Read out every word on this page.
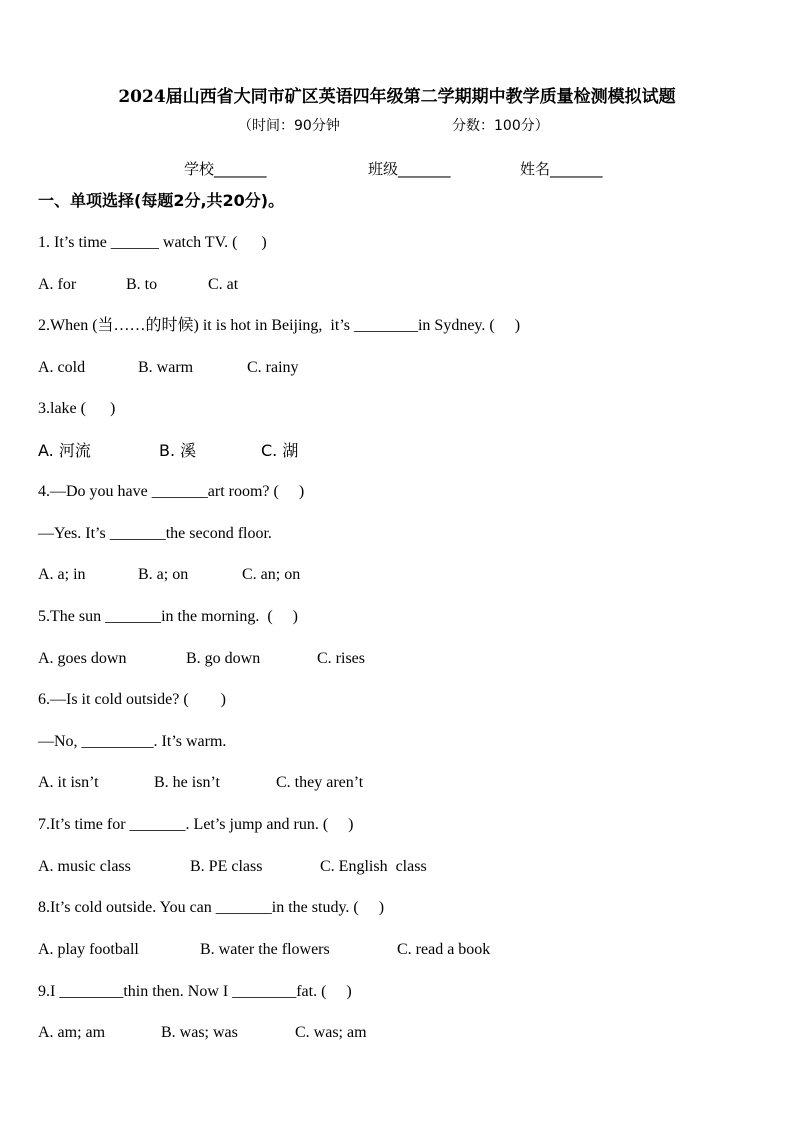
2024届山西省大同市矿区英语四年级第二学期期中教学质量检测模拟试题
（时间：90分钟	分数：100分）
学校_______	班级_______	姓名_______
一、单项选择(每题2分,共20分)。
1. It’s time ______ watch TV. (      )
A. for	B. to	C. at
2.When (当……的时候) it is hot in Beijing,  it’s ________in Sydney. (     )
A. cold	B. warm	C. rainy
3.lake (      )
A. 河流	B. 溪	C. 湖
4.—Do you have _______art room? (     )
—Yes. It’s _______the second floor.
A. a; in	B. a; on	C. an; on
5.The sun _______in the morning.  (     )
A. goes down	B. go down	C. rises
6.—Is it cold outside? (        )
—No, _________. It’s warm.
A. it isn’t	B. he isn’t	C. they aren’t
7.It’s time for _______. Let’s jump and run. (     )
A. music class	B. PE class	C. English  class
8.It’s cold outside. You can _______in the study. (     )
A. play football	B. water the flowers	C. read a book
9.I ________thin then. Now I ________fat. (     )
A. am; am	B. was; was	C. was; am
